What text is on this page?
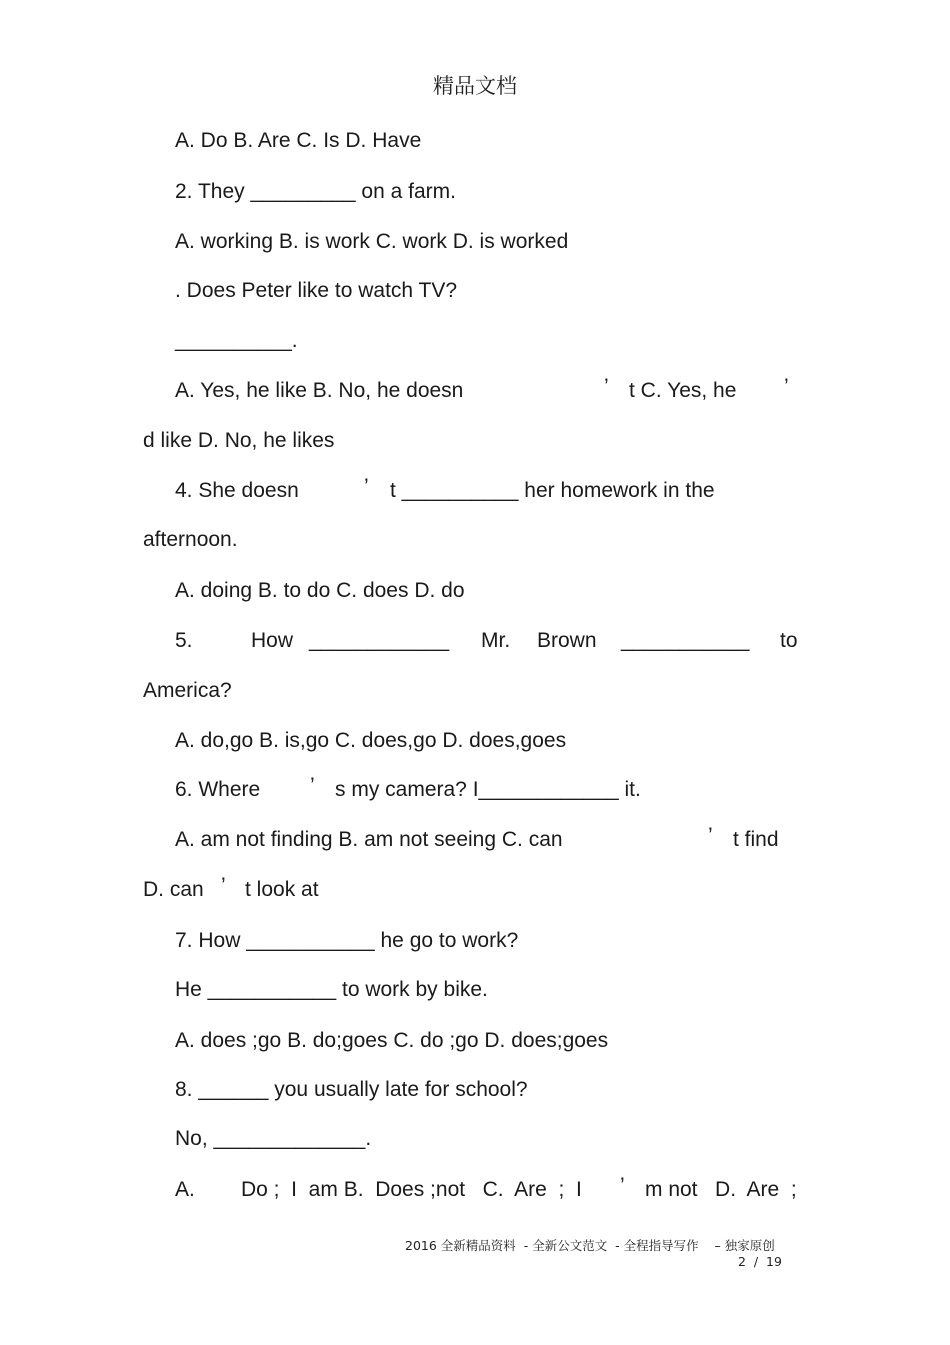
精品文档
A. Do B. Are C. Is D. Have
2. They _________ on a farm.
A. working B. is work C. work D. is worked
. Does Peter like to watch TV?
__________.
A. Yes, he like B. No, he doesn	’ t C. Yes, he ’
d like D. No, he likes
4. She doesn	’ t __________ her homework in the
afternoon.
A. doing B. to do C. does D. do
5.	How ____________ Mr. Brown ___________ to
America?
A. do,go B. is,go C. does,go D. does,goes
6. Where ’ s my camera? I____________ it.
A. am not finding B. am not seeing C. can	’ t find
D. can ’ t look at
7. How ___________ he go to work?
He ___________ to work by bike.
A. does ;go B. do;goes C. do ;go D. does;goes
8. ______ you usually late for school?
No, _____________.
A. Do ;  I  am B.  Does ;not   C.  Are  ;  I ’ m not   D.  Are  ;
2016 全新精品资料  - 全新公文范文  - 全程指导写作    – 独家原创
2  /  19
